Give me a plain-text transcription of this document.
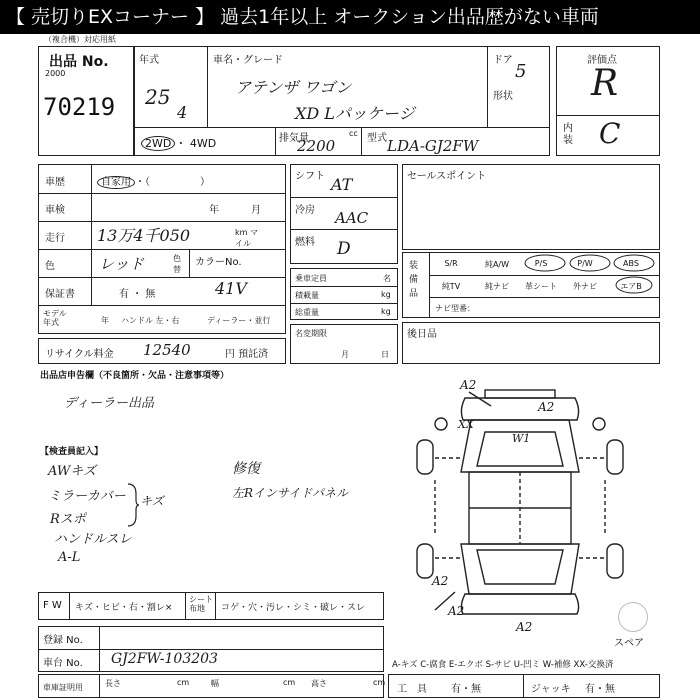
【 売切りEXコーナー 】 過去1年以上 オークション出品歴がない車両
（複合機）対応用紙
出品 No.
2000
70219
年式
25
4
車名・グレード
アテンザ ワゴン
XD Lパッケージ
ドア
5
形状
2WD ・ 4WD	排気量	cc
2200	型式 LDA-GJ2FW
評価点
R
内装 C
車歴	自家用 ・（　　　　　）
車検	年	月
走行 13万4千050	km マイル
色	レッド	色替
カラーNo.
41V
保証書	有 ・ 無
モデル年式	年 ハンドル 左・右	ディーラー・並行
リサイクル料金 12540	円 預託済
シフト AT
冷房 AAC
燃料 D
乗車定員	名
積載量	kg
総重量	kg
名変期限
月	日
セールスポイント
装備品
S/R	純A/W	P/S	P/W	ABS
純TV	純ナビ	革シート	外ナビ	エアB
ナビ型番：
後日品
出品店申告欄（不良箇所・欠品・注意事項等）
ディーラー出品
【検査員記入】
AWキズ
ミラーカバー
Rスポ
ハンドルスレ
A-L
キズ
修復
左Rインサイドパネル
A2
A2
XX
W1
A2
A2
A2
スペア
F W キズ・ヒビ・右・割レ×
シート布地	コゲ・穴・汚レ・シミ・破レ・スレ
登録 No.
車台 No. GJ2FW-103203
車庫証明用	長さ	cm	幅	cm 高さ	cm
A-キズ C-腐食 E-エクボ S-サビ U-凹ミ W-補修 XX-交換済
工　具 有・無	ジャッキ 有・無
